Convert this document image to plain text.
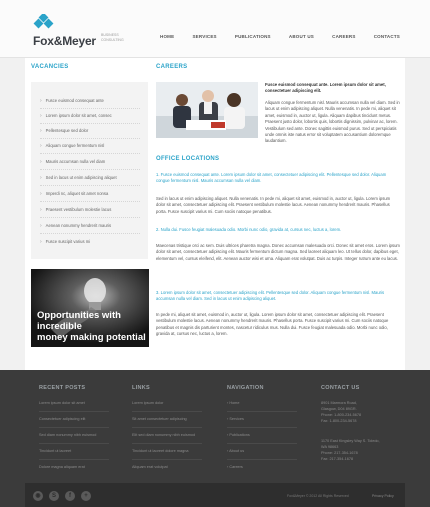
Fox&Meyer BUSINESS CONSULTING
HOME	SERVICES	PUBLICATIONS	ABOUT US	CAREERS	CONTACTS
VACANCIES
› Fusce euismod consequat ante
› Lorem ipsum dolor sit amet, consec
› Pellentesque sed dolor
› Aliquam congue fermentum nisl
› Mauris accumsan nulla vel diam
› Sed in lacus ut enim adipiscing aliquet
› Imperdi nc, aliquet sit amet nonsa
› Praesent vestibulum molestie lacus
› Aenean nonummy hendrerit mauris
› Fusce suscipit varius mi
Opportunities with
incredible
money making potential
CAREERS
Fusce euismod consequat ante. Lorem ipsum dolor sit amet, consectetuer adipiscing elit.
Aliquam congue fermentum nisl. Mauris accumsan nulla vel diam. Sed in lacus ut enim adipiscing aliquet. Nulla venenatis. In pede mi, aliquet sit amet, euismod in, auctor ut, ligula. Aliquam dapibus tincidunt metus. Praesent justo dolor, lobortis quis, lobortis dignissim, pulvinar ac, lorem. Vestibulum sed ante. Donec sagittis euismod purus. Sed ut perspiciatis unde omnis iste natus error sit voluptatem accusantium doloremque laudantium.
OFFICE LOCATIONS
1. Fusce euismod consequat ante. Lorem ipsum dolor sit amet, consectetuer adipiscing elit. Pellentesque sed dolor. Aliquam congue fermentum nisl. Mauris accumsan nulla vel diam.
Sed in lacus ut enim adipiscing aliquet. Nulla venenatis. In pede mi, aliquet sit amet, euismod in, auctor ut, ligula. Lorem ipsum dolor sit amet, consectetuer adipiscing elit. Praesent vestibulum molestie lacus. Aenean nonummy hendrerit mauris. Phasellus porta. Fusce suscipit varius mi. Cum sociis natoque penatibus.
2. Nulla dui. Fusce feugiat malesuada odio. Morbi nunc odio, gravida at, cursus nec, luctus a, lorem.
Maecenas tristique orci ac sem. Duis ultrices pharetra magna. Donec accumsan malesuada orci. Donec sit amet eros. Lorem ipsum dolor sit amet, consectetuer adipiscing elit. Mauris fermentum dictum magna. Sed laoreet aliquam leo. Ut tellus dolor, dapibus eget, elementum vel, cursus eleifend, elit. Aenean auctor wisi et urna. Aliquam erat volutpat. Duis ac turpis. Integer rutrum ante eu lacus.
3. Lorem ipsum dolor sit amet, consectetuer adipiscing elit. Pellentesque sed dolor. Aliquam congue fermentum nisl. Mauris accumsan nulla vel diam. Sed in lacus ut enim adipiscing aliquet.
In pede mi, aliquet sit amet, euismod in, auctor ut, ligula. Lorem ipsum dolor sit amet, consectetuer adipiscing elit. Praesent vestibulum molestie lacus. Aenean nonummy hendrerit mauris. Phasellus porta. Fusce suscipit varius mi. Cum sociis natoque penatibus et magnis dis parturient montes, nascetur ridiculus mus. Nulla dui. Fusce feugiat malesuada odio. Morbi nunc odio, gravida at, cursus nec, luctus a, lorem.
RECENT POSTS
Lorem ipsum dolor sit amet
Consectetuer adipiscing elit
Sed diam nonummy nibh euismod
Tincidunt ut laoreet
Dolore magna aliquam erat
LINKS
Lorem ipsum dolor
Sit amet consectetuer adipiscing
Elit sed diam nonummy nibh euismod
Tincidunt ut laoreet dolore magna
Aliquam erat volutpat
NAVIGATION
› Home
› Services
› Publications
› About us
› Careers
CONTACT US
8901 Marmora Road,
Glasgow, D04 89GR.
Phone: 1-800-234-5678
Fax: 1-800-234-5678
1170 East Kingsley Way S. Toledo,
WA 98663
Phone: 217-354-1678
Fax: 217-354-1678
◉	S	f	+	Fox&Meyer © 2012 All Rights Reserved	Privacy Policy
